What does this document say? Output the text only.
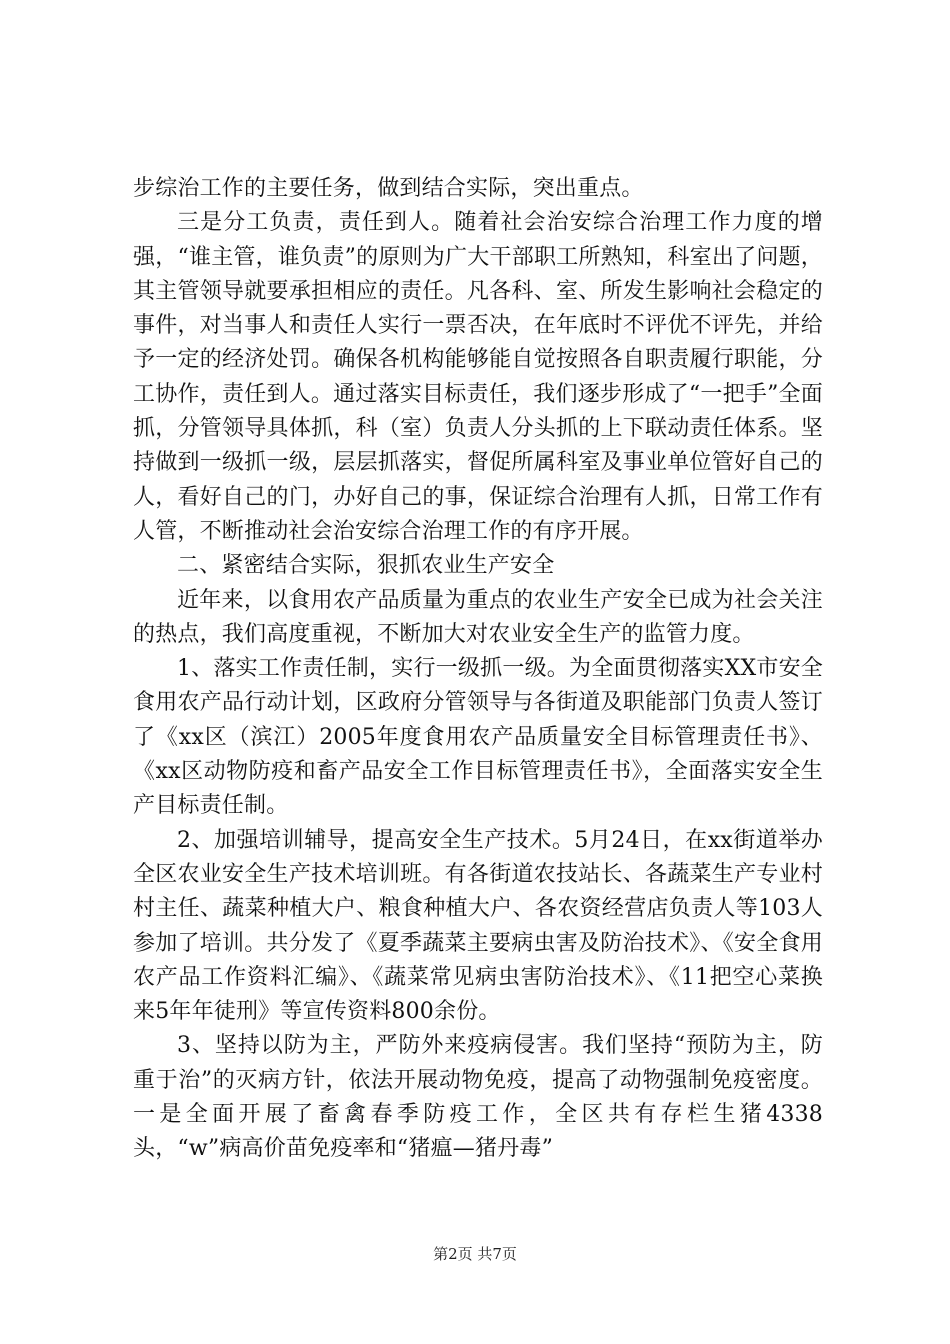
步综治工作的主要任务，做到结合实际，突出重点。

三是分工负责，责任到人。随着社会治安综合治理工作力度的增强，“谁主管，谁负责”的原则为广大干部职工所熟知，科室出了问题，其主管领导就要承担相应的责任。凡各科、室、所发生影响社会稳定的事件，对当事人和责任人实行一票否决，在年底时不评优不评先，并给予一定的经济处罚。确保各机构能够能自觉按照各自职责履行职能，分工协作，责任到人。通过落实目标责任，我们逐步形成了“一把手”全面抓，分管领导具体抓，科（室）负责人分头抓的上下联动责任体系。坚持做到一级抓一级，层层抓落实，督促所属科室及事业单位管好自己的人，看好自己的门，办好自己的事，保证综合治理有人抓，日常工作有人管，不断推动社会治安综合治理工作的有序开展。

二、紧密结合实际，狠抓农业生产安全

近年来，以食用农产品质量为重点的农业生产安全已成为社会关注的热点，我们高度重视，不断加大对农业安全生产的监管力度。

1、落实工作责任制，实行一级抓一级。为全面贯彻落实XX市安全食用农产品行动计划，区政府分管领导与各街道及职能部门负责人签订了《xx区（滨江）2005年度食用农产品质量安全目标管理责任书》、《xx区动物防疫和畜产品安全工作目标管理责任书》，全面落实安全生产目标责任制。

2、加强培训辅导，提高安全生产技术。5月24日，在xx街道举办全区农业安全生产技术培训班。有各街道农技站长、各蔬菜生产专业村村主任、蔬菜种植大户、粮食种植大户、各农资经营店负责人等103人参加了培训。共分发了《夏季蔬菜主要病虫害及防治技术》、《安全食用农产品工作资料汇编》、《蔬菜常见病虫害防治技术》、《11把空心菜换来5年年徒刑》等宣传资料800余份。

3、坚持以防为主，严防外来疫病侵害。我们坚持“预防为主，防重于治”的灭病方针，依法开展动物免疫，提高了动物强制免疫密度。一是全面开展了畜禽春季防疫工作，全区共有存栏生猪4338头，“w”病高价苗免疫率和“猪瘟—猪丹毒”

第2页 共7页
